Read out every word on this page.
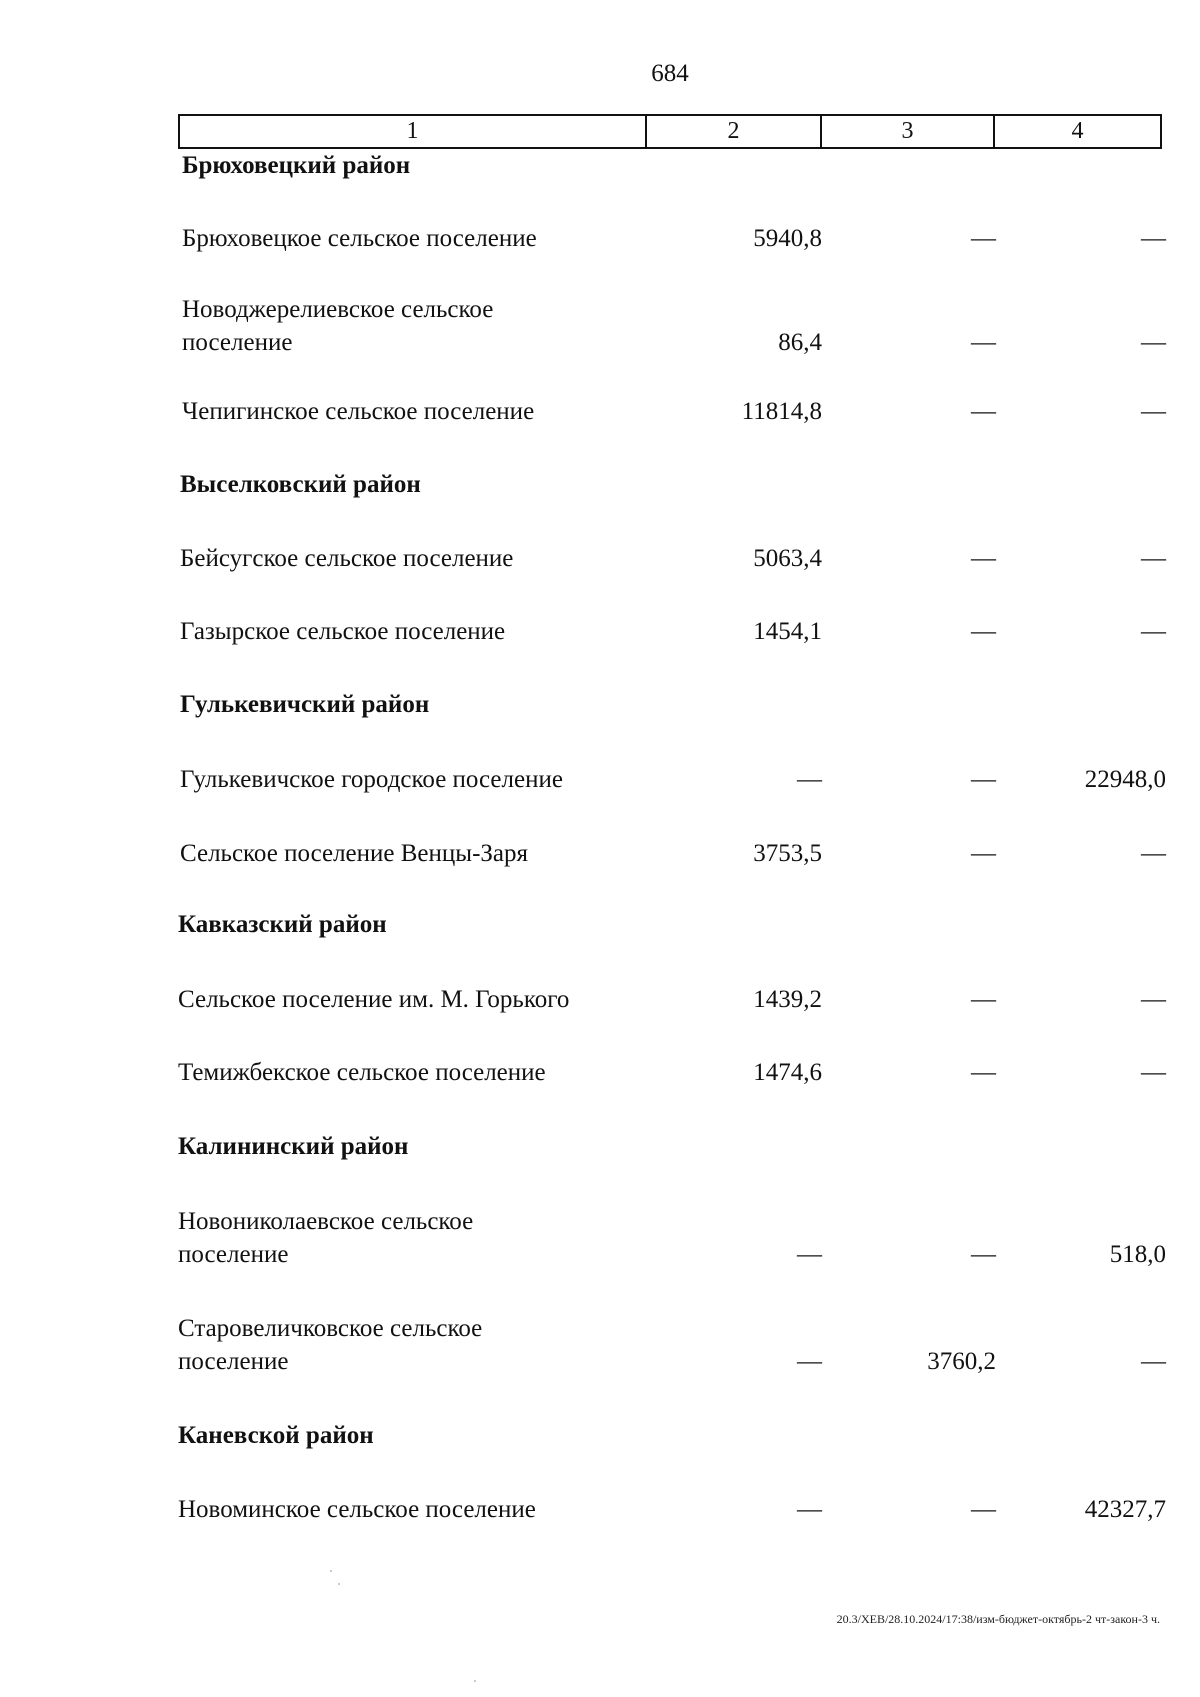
684
1	2	3	4
Брюховецкий район
Брюховецкое сельское поселение	5940,8	—	—
Новоджерелиевское сельское
поселение	86,4	—	—
Чепигинское сельское поселение	11814,8	—	—
Выселковский район
Бейсугское сельское поселение	5063,4	—	—
Газырское сельское поселение	1454,1	—	—
Гулькевичский район
Гулькевичское городское поселение	—	—	22948,0
Сельское поселение Венцы-Заря	3753,5	—	—
Кавказский район
Сельское поселение им. М. Горького	1439,2	—	—
Темижбекское сельское поселение	1474,6	—	—
Калининский район
Новониколаевское сельское
поселение	—	—	518,0
Старовеличковское сельское
поселение	—	3760,2	—
Каневской район
Новоминское сельское поселение	—	—	42327,7
20.3/ХЕВ/28.10.2024/17:38/изм-бюджет-октябрь-2 чт-закон-3 ч.
